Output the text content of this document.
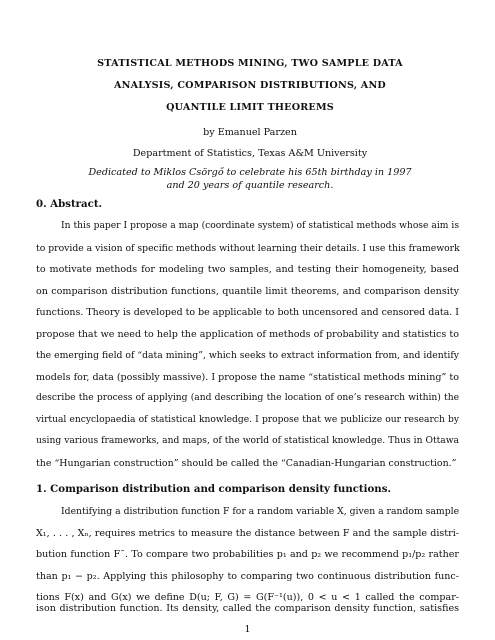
STATISTICAL METHODS MINING, TWO SAMPLE DATA
ANALYSIS, COMPARISON DISTRIBUTIONS, AND
QUANTILE LIMIT THEOREMS
by Emanuel Parzen
Department of Statistics, Texas A&M University
Dedicated to Miklos Csörgő to celebrate his 65th birthday in 1997
and 20 years of quantile research.
0. Abstract.
In this paper I propose a map (coordinate system) of statistical methods whose aim is
to provide a vision of specific methods without learning their details. I use this framework
to motivate methods for modeling two samples, and testing their homogeneity, based
on comparison distribution functions, quantile limit theorems, and comparison density
functions. Theory is developed to be applicable to both uncensored and censored data. I
propose that we need to help the application of methods of probability and statistics to
the emerging field of “data mining”, which seeks to extract information from, and identify
models for, data (possibly massive). I propose the name “statistical methods mining” to
describe the process of applying (and describing the location of one’s research within) the
virtual encyclopaedia of statistical knowledge. I propose that we publicize our research by
using various frameworks, and maps, of the world of statistical knowledge. Thus in Ottawa
the “Hungarian construction” should be called the “Canadian-Hungarian construction.”
1. Comparison distribution and comparison density functions.
Identifying a distribution function F for a random variable X, given a random sample
X₁, . . . , Xₙ, requires metrics to measure the distance between F and the sample distri-
bution function F˜. To compare two probabilities p₁ and p₂ we recommend p₁/p₂ rather
than p₁ − p₂. Applying this philosophy to comparing two continuous distribution func-
tions F(x) and G(x) we define D(u; F, G) = G(F⁻¹(u)), 0 < u < 1 called the compar-
1
ison distribution function. Its density, called the comparison density function, satisfies
